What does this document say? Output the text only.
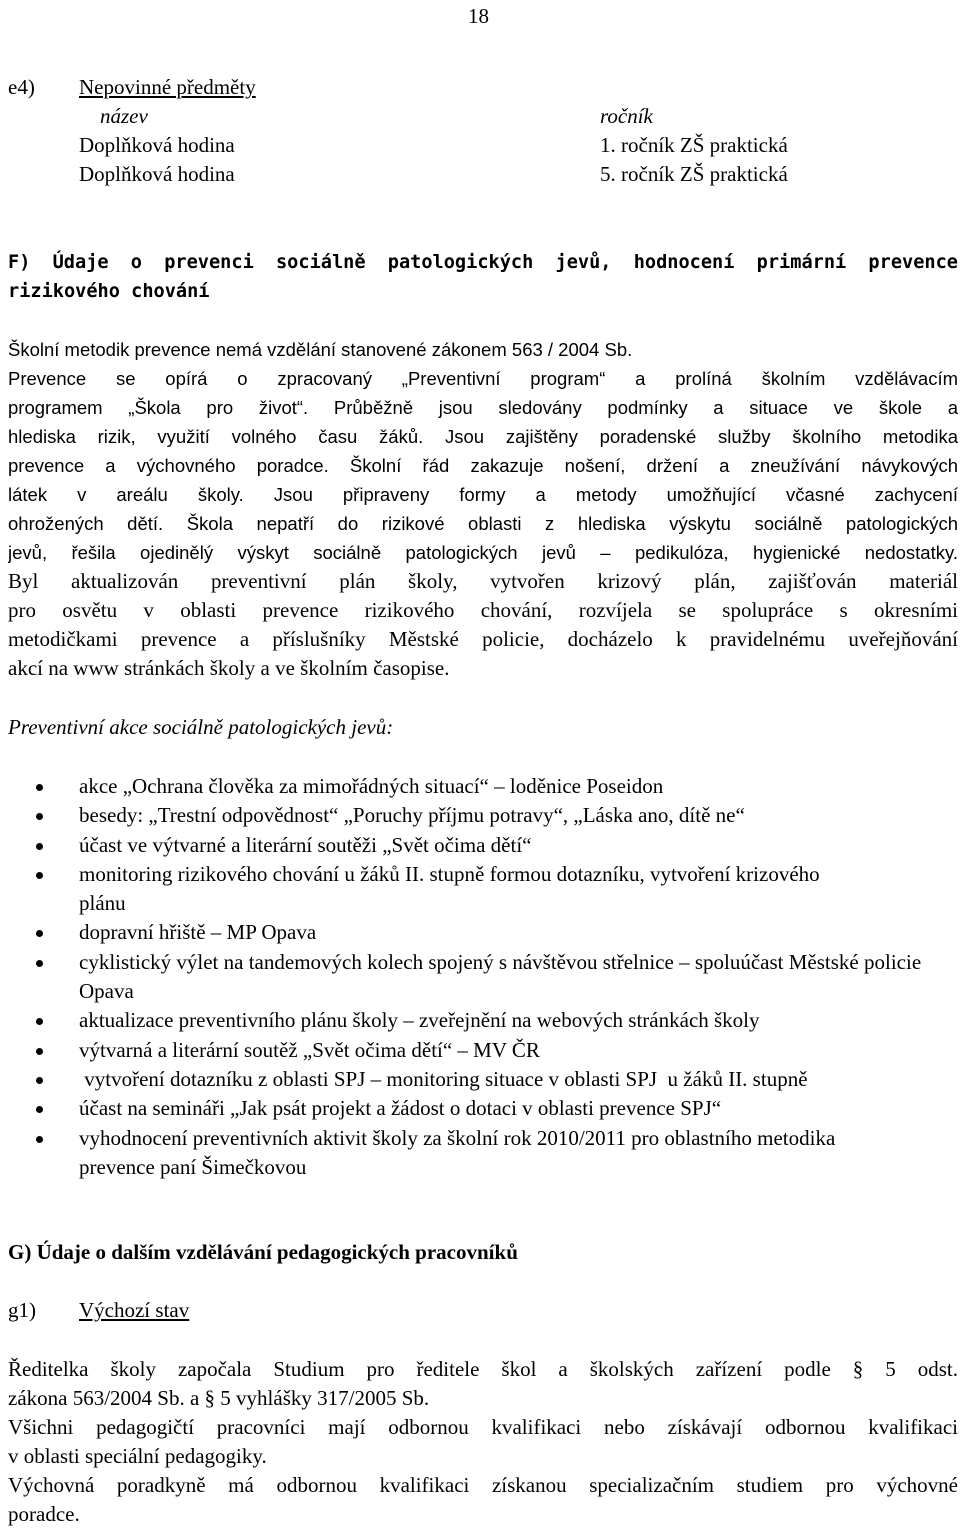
18
e4) Nepovinné předměty
název	ročník
Doplňková hodina	1. ročník ZŠ praktická
Doplňková hodina	5. ročník ZŠ praktická
F) Údaje o prevenci sociálně patologických jevů, hodnocení primární prevence
rizikového chování
Školní metodik prevence nemá vzdělání stanovené zákonem 563 / 2004 Sb.
Prevence se opírá o zpracovaný „Preventivní program“ a prolíná školním vzdělávacím
programem „Škola pro život“. Průběžně jsou sledovány podmínky a situace ve škole a
hlediska rizik, využití volného času žáků. Jsou zajištěny poradenské služby školního metodika
prevence a výchovného poradce. Školní řád zakazuje nošení, držení a zneužívání návykových
látek v areálu školy. Jsou připraveny formy a metody umožňující včasné zachycení
ohrožených dětí. Škola nepatří do rizikové oblasti z hlediska výskytu sociálně patologických
jevů, řešila ojedinělý výskyt sociálně patologických jevů – pedikulóza, hygienické nedostatky.
Byl aktualizován preventivní plán školy, vytvořen krizový plán, zajišťován materiál
pro osvětu v oblasti prevence rizikového chování, rozvíjela se spolupráce s okresními
metodičkami prevence a příslušníky Městské policie, docházelo k pravidelnému uveřejňování
akcí na www stránkách školy a ve školním časopise.
Preventivní akce sociálně patologických jevů:
akce „Ochrana člověka za mimořádných situací“ – loděnice Poseidon
besedy: „Trestní odpovědnost“ „Poruchy příjmu potravy“, „Láska ano, dítě ne“
účast ve výtvarné a literární soutěži „Svět očima dětí“
monitoring rizikového chování u žáků II. stupně formou dotazníku, vytvoření krizového plánu
dopravní hřiště – MP Opava
cyklistický výlet na tandemových kolech spojený s návštěvou střelnice – spoluúčast Městské policie Opava
aktualizace preventivního plánu školy – zveřejnění na webových stránkách školy
výtvarná a literární soutěž „Svět očima dětí“ – MV ČR
vytvoření dotazníku z oblasti SPJ – monitoring situace v oblasti SPJ  u žáků II. stupně
účast na semináři „Jak psát projekt a žádost o dotaci v oblasti prevence SPJ“
vyhodnocení preventivních aktivit školy za školní rok 2010/2011 pro oblastního metodika prevence paní Šimečkovou
G) Údaje o dalším vzdělávání pedagogických pracovníků
g1) Výchozí stav
Ředitelka školy započala Studium pro ředitele škol a školských zařízení podle § 5 odst.
zákona 563/2004 Sb. a § 5 vyhlášky 317/2005 Sb.
Všichni pedagogičtí pracovníci mají odbornou kvalifikaci nebo získávají odbornou kvalifikaci
v oblasti speciální pedagogiky.
Výchovná poradkyně má odbornou kvalifikaci získanou specializačním studiem pro výchovné
poradce.
